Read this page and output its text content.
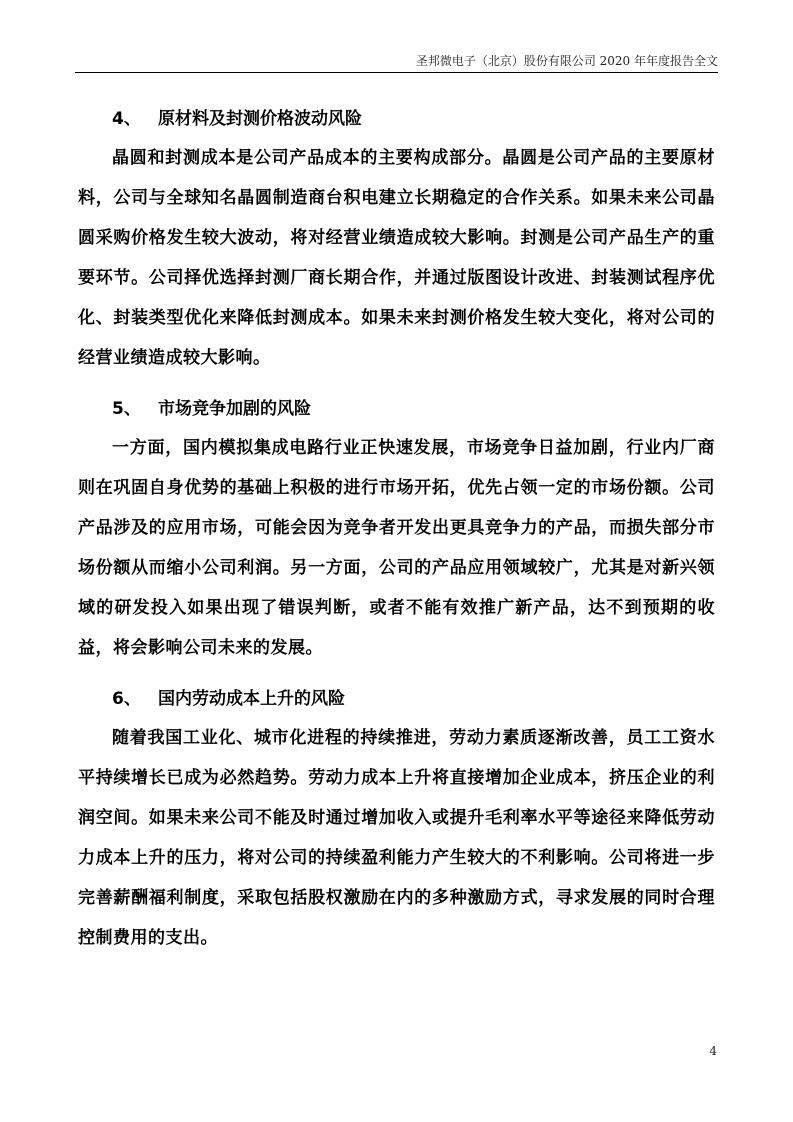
圣邦微电子（北京）股份有限公司 2020 年年度报告全文
4、	原材料及封测价格波动风险

晶圆和封测成本是公司产品成本的主要构成部分。晶圆是公司产品的主要原材料，公司与全球知名晶圆制造商台积电建立长期稳定的合作关系。如果未来公司晶圆采购价格发生较大波动，将对经营业绩造成较大影响。封测是公司产品生产的重要环节。公司择优选择封测厂商长期合作，并通过版图设计改进、封装测试程序优化、封装类型优化来降低封测成本。如果未来封测价格发生较大变化，将对公司的经营业绩造成较大影响。

5、	市场竞争加剧的风险

一方面，国内模拟集成电路行业正快速发展，市场竞争日益加剧，行业内厂商则在巩固自身优势的基础上积极的进行市场开拓，优先占领一定的市场份额。公司产品涉及的应用市场，可能会因为竞争者开发出更具竞争力的产品，而损失部分市场份额从而缩小公司利润。另一方面，公司的产品应用领域较广，尤其是对新兴领域的研发投入如果出现了错误判断，或者不能有效推广新产品，达不到预期的收益，将会影响公司未来的发展。

6、	国内劳动成本上升的风险

随着我国工业化、城市化进程的持续推进，劳动力素质逐渐改善，员工工资水平持续增长已成为必然趋势。劳动力成本上升将直接增加企业成本，挤压企业的利润空间。如果未来公司不能及时通过增加收入或提升毛利率水平等途径来降低劳动力成本上升的压力，将对公司的持续盈利能力产生较大的不利影响。公司将进一步完善薪酬福利制度，采取包括股权激励在内的多种激励方式，寻求发展的同时合理控制费用的支出。

4
